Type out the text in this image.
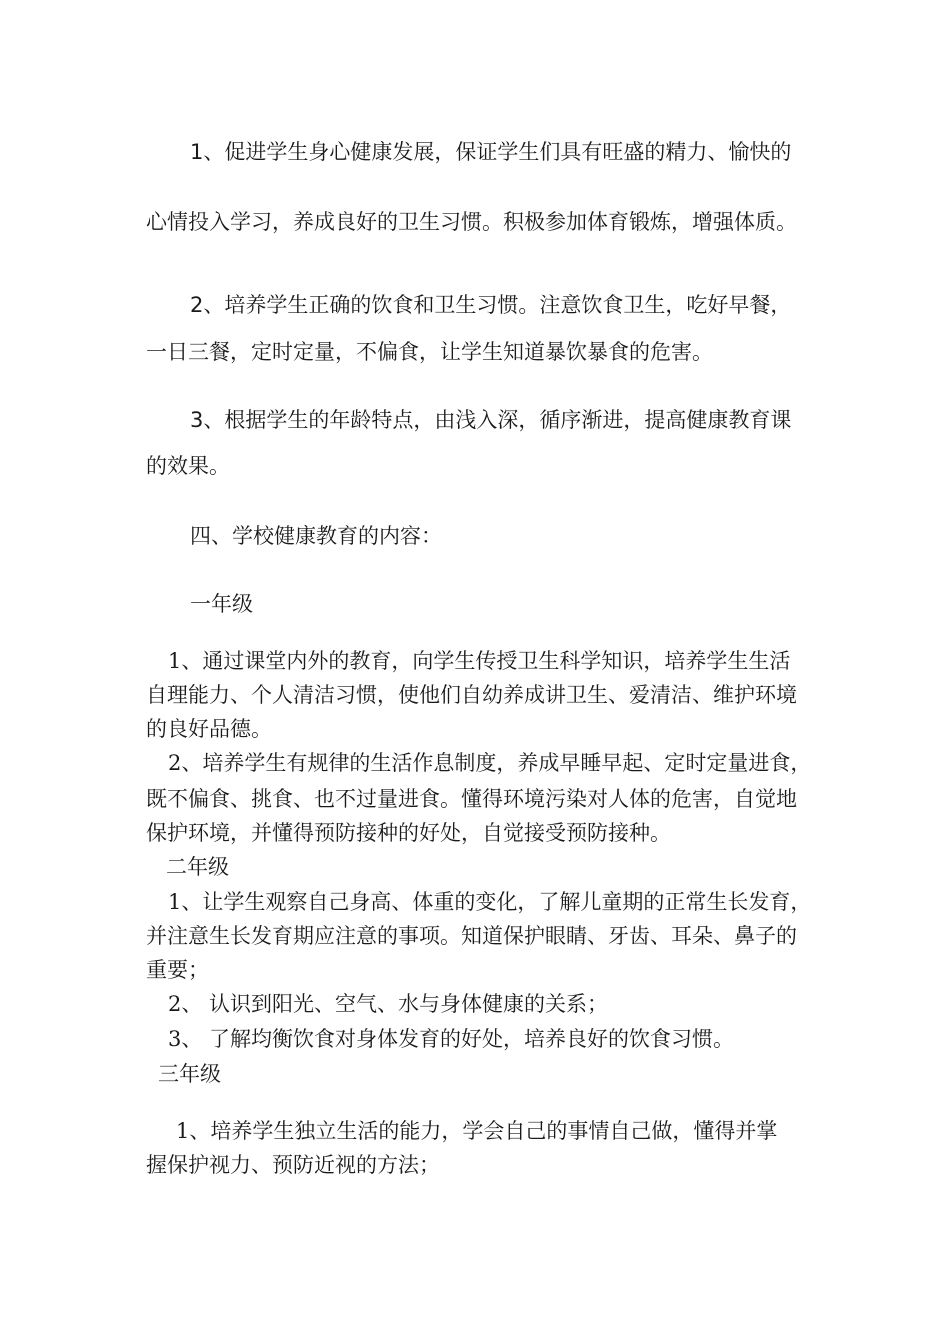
1、促进学生身心健康发展，保证学生们具有旺盛的精力、愉快的

心情投入学习，养成良好的卫生习惯。积极参加体育锻炼，增强体质。

2、培养学生正确的饮食和卫生习惯。注意饮食卫生，吃好早餐，

一日三餐，定时定量，不偏食，让学生知道暴饮暴食的危害。

3、根据学生的年龄特点，由浅入深，循序渐进，提高健康教育课

的效果。

四、学校健康教育的内容：

一年级

1、通过课堂内外的教育，向学生传授卫生科学知识，培养学生生活

自理能力、个人清洁习惯，使他们自幼养成讲卫生、爱清洁、维护环境

的良好品德。

2、培养学生有规律的生活作息制度，养成早睡早起、定时定量进食，

既不偏食、挑食、也不过量进食。懂得环境污染对人体的危害，自觉地

保护环境，并懂得预防接种的好处，自觉接受预防接种。

二年级

1、让学生观察自己身高、体重的变化，了解儿童期的正常生长发育，

并注意生长发育期应注意的事项。知道保护眼睛、牙齿、耳朵、鼻子的

重要；

2、 认识到阳光、空气、水与身体健康的关系；

3、 了解均衡饮食对身体发育的好处，培养良好的饮食习惯。

三年级

1、培养学生独立生活的能力，学会自己的事情自己做，懂得并掌

握保护视力、预防近视的方法；
